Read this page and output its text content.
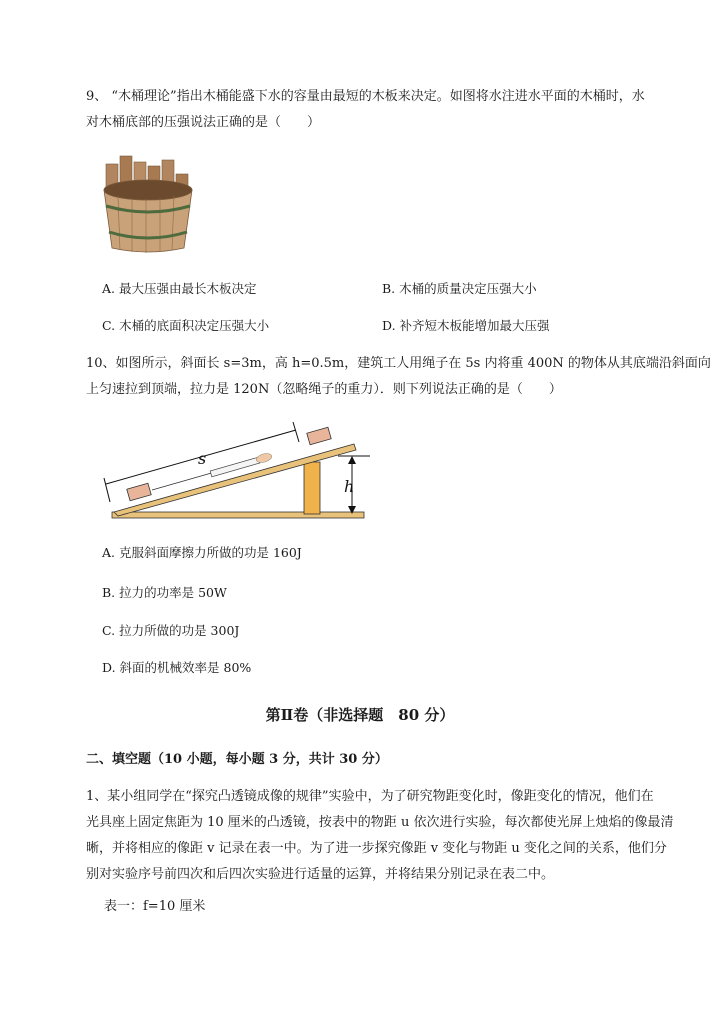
9、 “木桶理论”指出木桶能盛下水的容量由最短的木板来决定。如图将水注进水平面的木桶时，水
对木桶底部的压强说法正确的是（　　）
A. 最大压强由最长木板决定	B. 木桶的质量决定压强大小
C. 木桶的底面积决定压强大小	D. 补齐短木板能增加最大压强
10、如图所示，斜面长 s=3m，高 h=0.5m，建筑工人用绳子在 5s 内将重 400N 的物体从其底端沿斜面向
上匀速拉到顶端，拉力是 120N（忽略绳子的重力）．则下列说法正确的是（　　）
s
h
A. 克服斜面摩擦力所做的功是 160J
B. 拉力的功率是 50W
C. 拉力所做的功是 300J
D. 斜面的机械效率是 80%
第Ⅱ卷（非选择题　80 分）
二、填空题（10 小题，每小题 3 分，共计 30 分）
1、某小组同学在“探究凸透镜成像的规律”实验中，为了研究物距变化时，像距变化的情况，他们在
光具座上固定焦距为 10 厘米的凸透镜，按表中的物距 u 依次进行实验，每次都使光屏上烛焰的像最清
晰，并将相应的像距 v 记录在表一中。为了进一步探究像距 v 变化与物距 u 变化之间的关系，他们分
别对实验序号前四次和后四次实验进行适量的运算，并将结果分别记录在表二中。
表一：f=10 厘米
